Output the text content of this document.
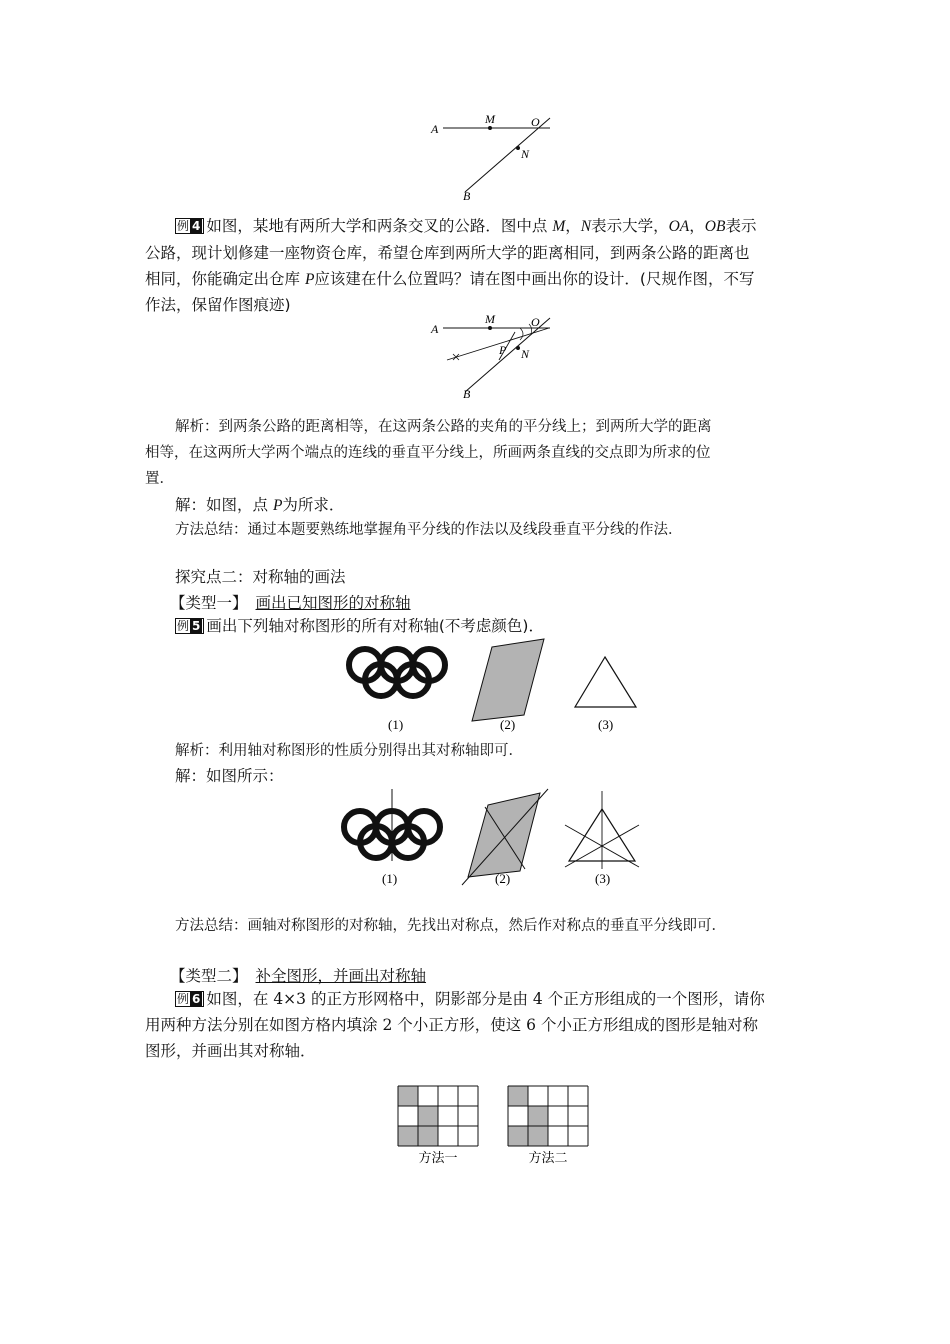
A
M	O
N
B
例 4 如图，某地有两所大学和两条交叉的公路．图中点 M，N表示大学，OA，OB表示
公路，现计划修建一座物资仓库，希望仓库到两所大学的距离相同，到两条公路的距离也
相同，你能确定出仓库 P应该建在什么位置吗？请在图中画出你的设计．(尺规作图，不写
作法，保留作图痕迹)
A
M	O
P N
B
解析：到两条公路的距离相等，在这两条公路的夹角的平分线上；到两所大学的距离
相等，在这两所大学两个端点的连线的垂直平分线上，所画两条直线的交点即为所求的位
置．
解：如图，点 P为所求．
方法总结：通过本题要熟练地掌握角平分线的作法以及线段垂直平分线的作法．
探究点二：对称轴的画法
【类型一】 画出已知图形的对称轴
例 5 画出下列轴对称图形的所有对称轴(不考虑颜色)．
(1)	(2)	(3)
解析：利用轴对称图形的性质分别得出其对称轴即可．
解：如图所示：
(1)	(2)	(3)
方法总结：画轴对称图形的对称轴，先找出对称点，然后作对称点的垂直平分线即可．
【类型二】 补全图形，并画出对称轴
例 6 如图，在 4×3 的正方形网格中，阴影部分是由 4 个正方形组成的一个图形，请你
用两种方法分别在如图方格内填涂 2 个小正方形，使这 6 个小正方形组成的图形是轴对称
图形，并画出其对称轴．
方法一	方法二
